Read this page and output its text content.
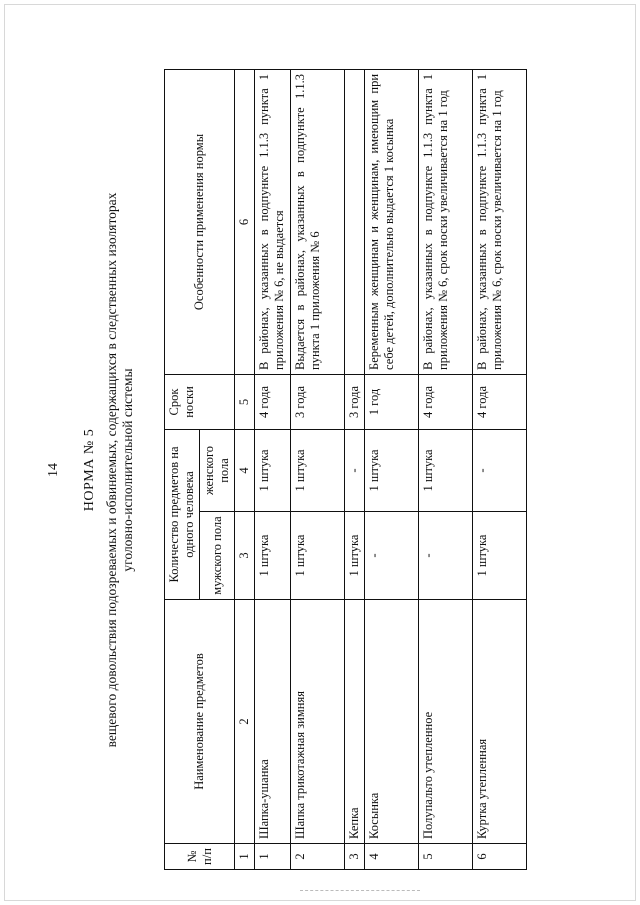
14 НОРМА № 5 вещевого довольствия подозреваемых и обвиняемых, содержащихся в следственных изоляторах уголовно-исполнительной системы
№ п/п	Наименование предметов	Количество предметов на одного человека		Срок носки	Особенности применения нормы
		мужского пола	женского пола		
1	2	3	4	5	6
1	Шапка-ушанка	1 штука	1 штука	4 года	В районах, указанных в подпункте 1.1.3 пункта 1 приложения № 6, не выдается
2	Шапка трикотажная зимняя	1 штука	1 штука	3 года	Выдается в районах, указанных в подпункте 1.1.3 пункта 1 приложения № 6
3	Кепка	1 штука	-	3 года	
4	Косынка	-	1 штука	1 год	Беременным женщинам и женщинам, имеющим при себе детей, дополнительно выдается 1 косынка
5	Полупальто утепленное	-	1 штука	4 года	В районах, указанных в подпункте 1.1.3 пункта 1 приложения № 6, срок носки увеличивается на 1 год
6	Куртка утепленная	1 штука	-	4 года	В районах, указанных в подпункте 1.1.3 пункта 1 приложения № 6, срок носки увеличивается на 1 год
